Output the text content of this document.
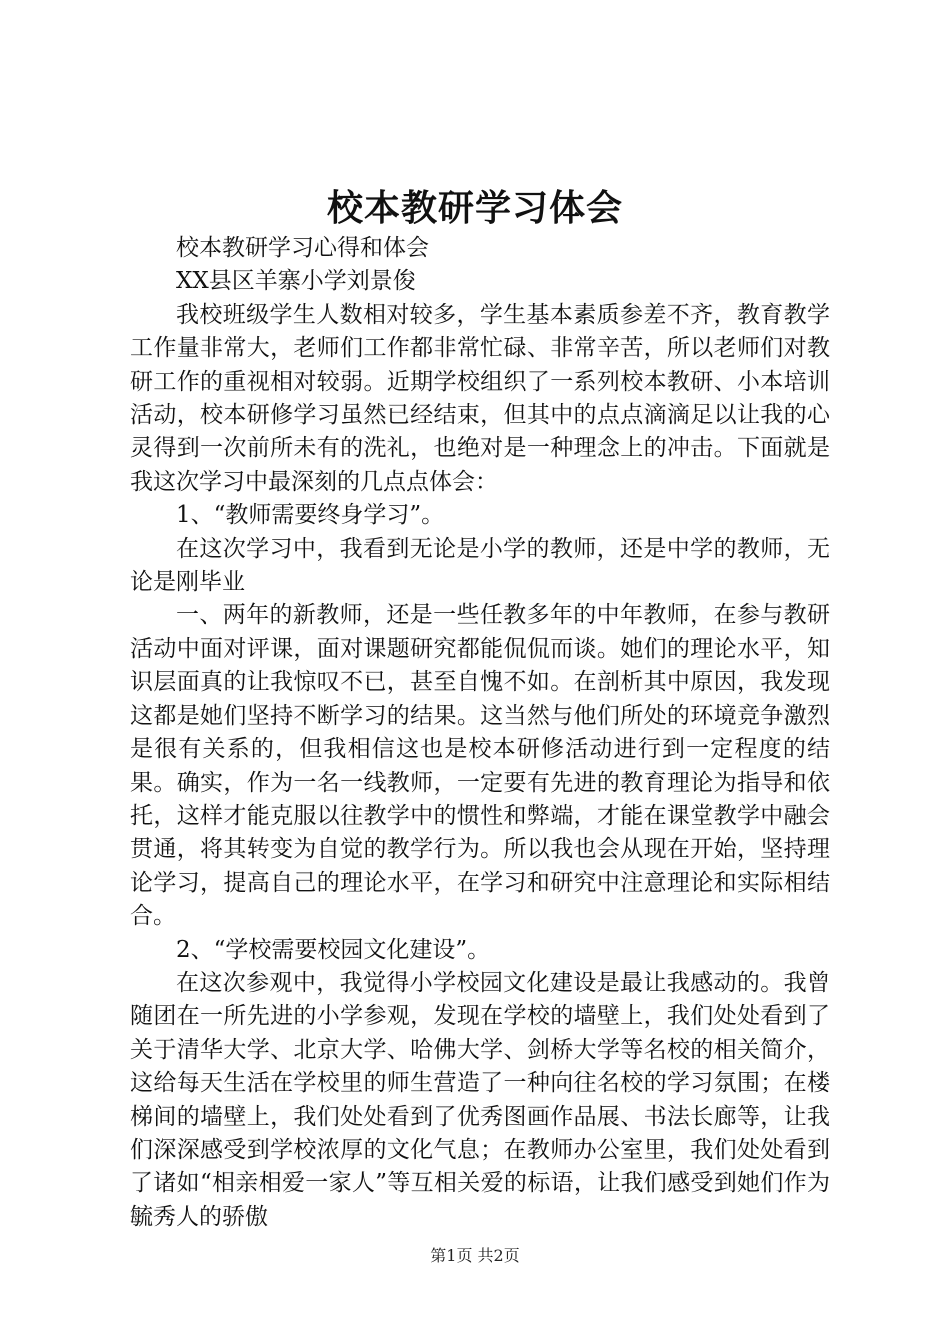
校本教研学习体会

校本教研学习心得和体会

XX县区羊寨小学刘景俊

我校班级学生人数相对较多，学生基本素质参差不齐，教育教学工作量非常大，老师们工作都非常忙碌、非常辛苦，所以老师们对教研工作的重视相对较弱。近期学校组织了一系列校本教研、小本培训活动，校本研修学习虽然已经结束，但其中的点点滴滴足以让我的心灵得到一次前所未有的洗礼，也绝对是一种理念上的冲击。下面就是我这次学习中最深刻的几点点体会：

1、“教师需要终身学习”。

在这次学习中，我看到无论是小学的教师，还是中学的教师，无论是刚毕业

一、两年的新教师，还是一些任教多年的中年教师，在参与教研活动中面对评课，面对课题研究都能侃侃而谈。她们的理论水平，知识层面真的让我惊叹不已，甚至自愧不如。在剖析其中原因，我发现这都是她们坚持不断学习的结果。这当然与他们所处的环境竞争激烈是很有关系的，但我相信这也是校本研修活动进行到一定程度的结果。确实，作为一名一线教师，一定要有先进的教育理论为指导和依托，这样才能克服以往教学中的惯性和弊端，才能在课堂教学中融会贯通，将其转变为自觉的教学行为。所以我也会从现在开始，坚持理论学习，提高自己的理论水平，在学习和研究中注意理论和实际相结合。

2、“学校需要校园文化建设”。

在这次参观中，我觉得小学校园文化建设是最让我感动的。我曾随团在一所先进的小学参观，发现在学校的墙壁上，我们处处看到了关于清华大学、北京大学、哈佛大学、剑桥大学等名校的相关简介，这给每天生活在学校里的师生营造了一种向往名校的学习氛围；在楼梯间的墙壁上，我们处处看到了优秀图画作品展、书法长廊等，让我们深深感受到学校浓厚的文化气息；在教师办公室里，我们处处看到了诸如“相亲相爱一家人”等互相关爱的标语，让我们感受到她们作为毓秀人的骄傲

第1页 共2页
